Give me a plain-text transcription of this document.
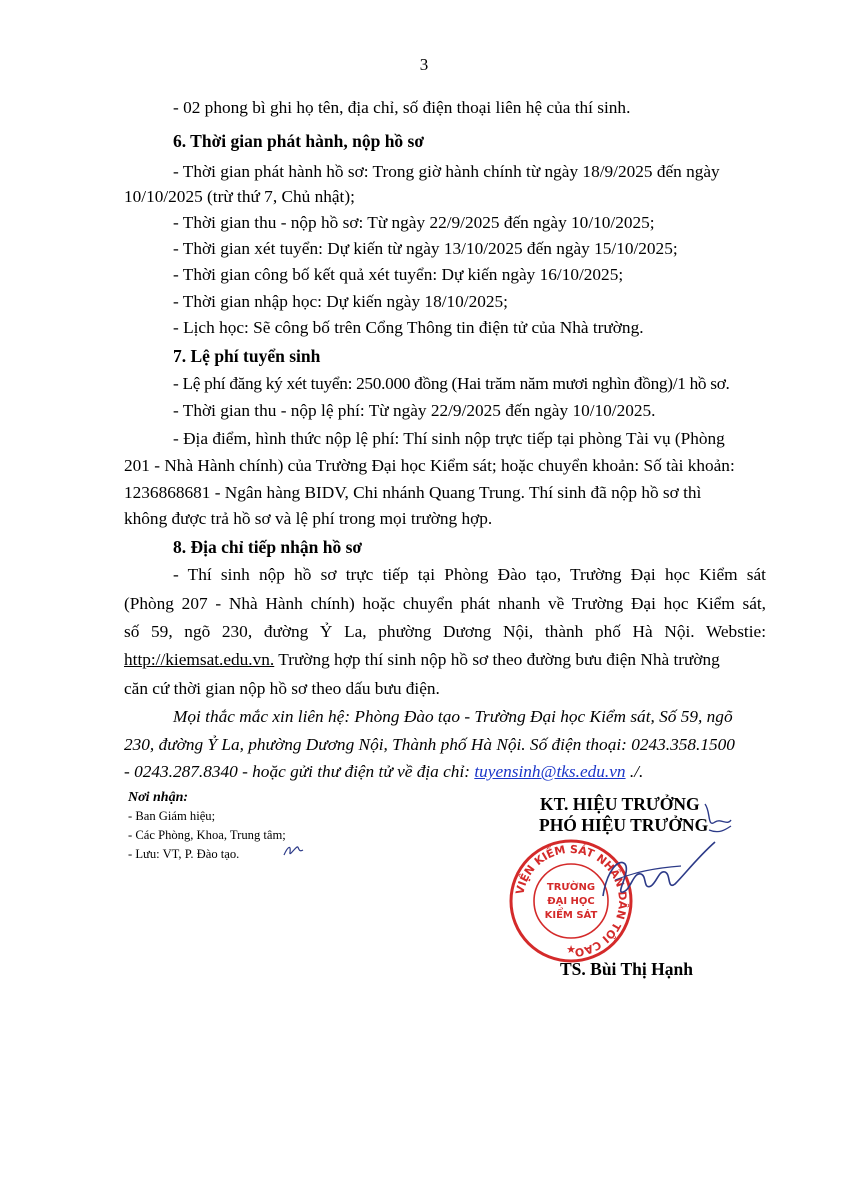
3
- 02 phong bì ghi họ tên, địa chỉ, số điện thoại liên hệ của thí sinh.
6. Thời gian phát hành, nộp hồ sơ
- Thời gian phát hành hồ sơ: Trong giờ hành chính từ ngày 18/9/2025 đến ngày
10/10/2025 (trừ thứ 7, Chủ nhật);
- Thời gian thu - nộp hồ sơ: Từ ngày 22/9/2025 đến ngày 10/10/2025;
- Thời gian xét tuyển: Dự kiến từ ngày 13/10/2025 đến ngày 15/10/2025;
- Thời gian công bố kết quả xét tuyển: Dự kiến ngày 16/10/2025;
- Thời gian nhập học: Dự kiến ngày 18/10/2025;
- Lịch học: Sẽ công bố trên Cổng Thông tin điện tử của Nhà trường.
7. Lệ phí tuyển sinh
- Lệ phí đăng ký xét tuyển: 250.000 đồng (Hai trăm năm mươi nghìn đồng)/1 hồ sơ.
- Thời gian thu - nộp lệ phí: Từ ngày 22/9/2025 đến ngày 10/10/2025.
- Địa điểm, hình thức nộp lệ phí: Thí sinh nộp trực tiếp tại phòng Tài vụ (Phòng
201 - Nhà Hành chính) của Trường Đại học Kiểm sát; hoặc chuyển khoản: Số tài khoản:
1236868681 - Ngân hàng BIDV, Chi nhánh Quang Trung. Thí sinh đã nộp hồ sơ thì
không được trả hồ sơ và lệ phí trong mọi trường hợp.
8. Địa chỉ tiếp nhận hồ sơ
- Thí sinh nộp hồ sơ trực tiếp tại Phòng Đào tạo, Trường Đại học Kiểm sát
(Phòng 207 - Nhà Hành chính) hoặc chuyển phát nhanh về Trường Đại học Kiểm sát,
số 59, ngõ 230, đường Ỷ La, phường Dương Nội, thành phố Hà Nội. Webstie:
http://kiemsat.edu.vn. Trường hợp thí sinh nộp hồ sơ theo đường bưu điện Nhà trường
căn cứ thời gian nộp hồ sơ theo dấu bưu điện.
Mọi thắc mắc xin liên hệ: Phòng Đào tạo - Trường Đại học Kiểm sát, Số 59, ngõ
230, đường Ỷ La, phường Dương Nội, Thành phố Hà Nội. Số điện thoại: 0243.358.1500
- 0243.287.8340 - hoặc gửi thư điện tử về địa chỉ: tuyensinh@tks.edu.vn ./.
Nơi nhận:
- Ban Giám hiệu;
- Các Phòng, Khoa, Trung tâm;
- Lưu: VT, P. Đào tạo.
KT. HIỆU TRƯỞNG
PHÓ HIỆU TRƯỞNG
VIỆN KIỂM SÁT NHÂN DÂN TỐI CAO
TRƯỜNG
ĐẠI HỌC
KIỂM SÁT
★
TS. Bùi Thị Hạnh
